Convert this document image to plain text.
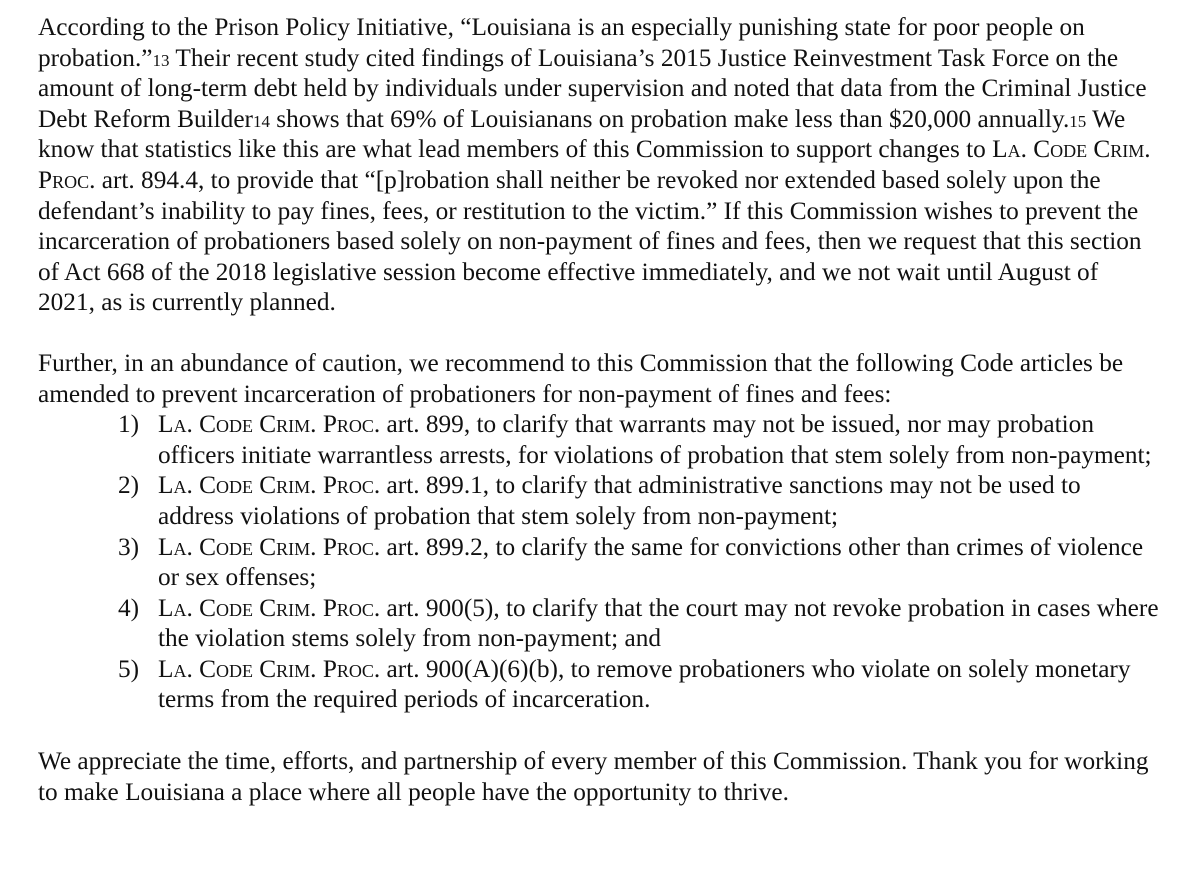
According to the Prison Policy Initiative, “Louisiana is an especially punishing state for poor people on probation.”13 Their recent study cited findings of Louisiana’s 2015 Justice Reinvestment Task Force on the amount of long-term debt held by individuals under supervision and noted that data from the Criminal Justice Debt Reform Builder14 shows that 69% of Louisianans on probation make less than $20,000 annually.15 We know that statistics like this are what lead members of this Commission to support changes to La. Code Crim. Proc. art. 894.4, to provide that “[p]robation shall neither be revoked nor extended based solely upon the defendant’s inability to pay fines, fees, or restitution to the victim.” If this Commission wishes to prevent the incarceration of probationers based solely on non-payment of fines and fees, then we request that this section of Act 668 of the 2018 legislative session become effective immediately, and we not wait until August of 2021, as is currently planned.

Further, in an abundance of caution, we recommend to this Commission that the following Code articles be amended to prevent incarceration of probationers for non-payment of fines and fees:

1) La. Code Crim. Proc. art. 899, to clarify that warrants may not be issued, nor may probation officers initiate warrantless arrests, for violations of probation that stem solely from non-payment;
2) La. Code Crim. Proc. art. 899.1, to clarify that administrative sanctions may not be used to address violations of probation that stem solely from non-payment;
3) La. Code Crim. Proc. art. 899.2, to clarify the same for convictions other than crimes of violence or sex offenses;
4) La. Code Crim. Proc. art. 900(5), to clarify that the court may not revoke probation in cases where the violation stems solely from non-payment; and
5) La. Code Crim. Proc. art. 900(A)(6)(b), to remove probationers who violate on solely monetary terms from the required periods of incarceration.

We appreciate the time, efforts, and partnership of every member of this Commission. Thank you for working to make Louisiana a place where all people have the opportunity to thrive.
